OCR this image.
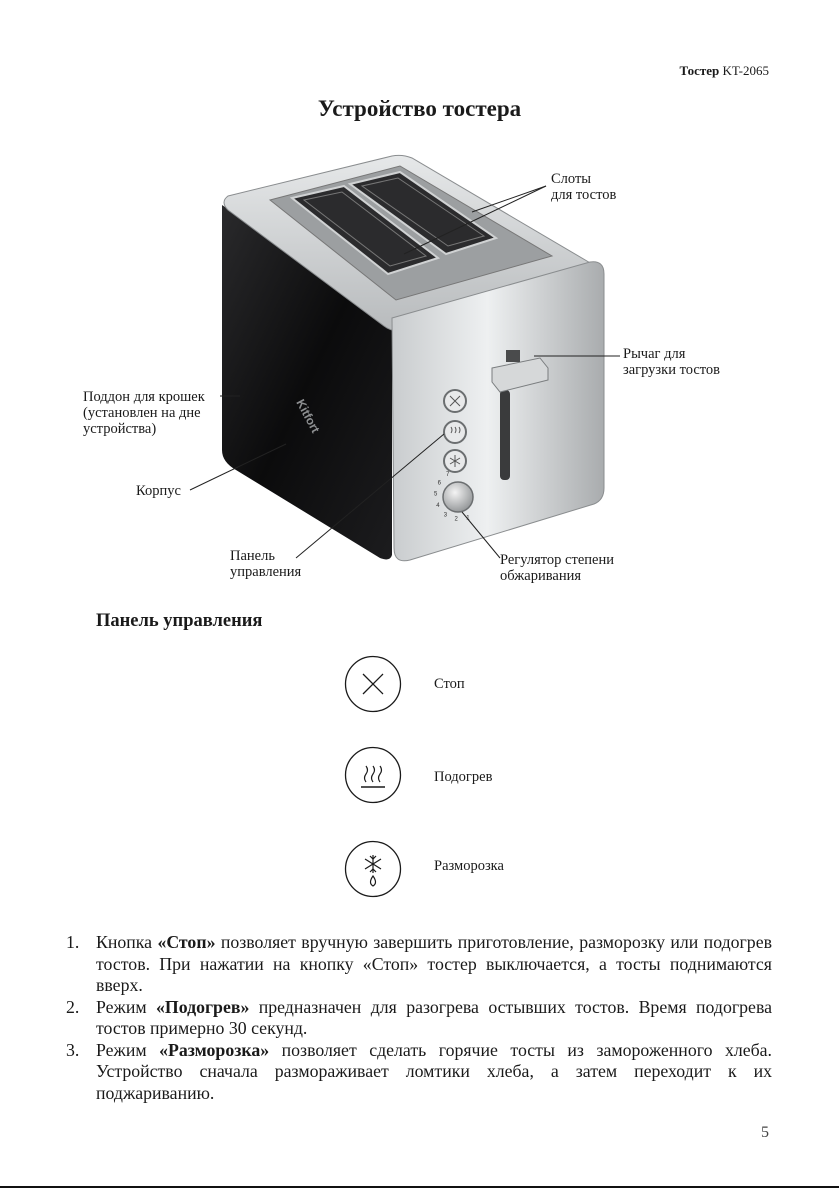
Тостер KT-2065
Устройство тостера
1234567
Kitfort
Слоты
для тостов
Рычаг для
загрузки тостов
Поддон для крошек
(установлен на дне
устройства)
Корпус
Панель
управления
Регулятор степени
обжаривания
Панель управления
Стоп
Подогрев
Разморозка
1. Кнопка «Стоп» позволяет вручную завершить приготовление, разморозку или подогрев тостов. При нажатии на кнопку «Стоп» тостер выключается, а тосты поднимаются вверх.
2. Режим «Подогрев» предназначен для разогрева остывших тостов. Время подогрева тостов примерно 30 секунд.
3. Режим «Разморозка» позволяет сделать горячие тосты из замороженного хлеба. Устройство сначала размораживает ломтики хлеба, а затем переходит к их поджариванию.
5
